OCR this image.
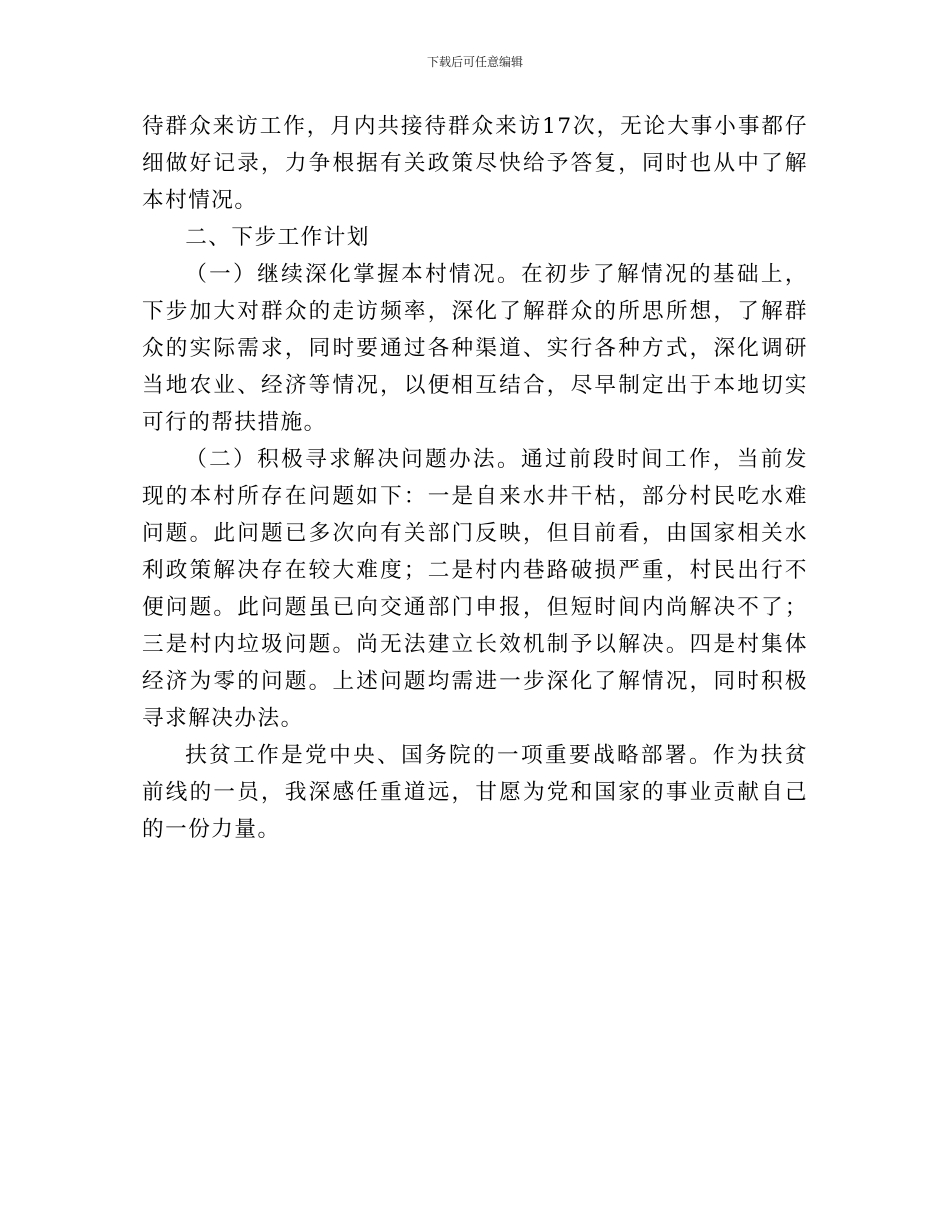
下载后可任意编辑

待群众来访工作，月内共接待群众来访17次，无论大事小事都仔细做好记录，力争根据有关政策尽快给予答复，同时也从中了解本村情况。

二、下步工作计划

（一）继续深化掌握本村情况。在初步了解情况的基础上，下步加大对群众的走访频率，深化了解群众的所思所想，了解群众的实际需求，同时要通过各种渠道、实行各种方式，深化调研当地农业、经济等情况，以便相互结合，尽早制定出于本地切实可行的帮扶措施。

（二）积极寻求解决问题办法。通过前段时间工作，当前发现的本村所存在问题如下：一是自来水井干枯，部分村民吃水难问题。此问题已多次向有关部门反映，但目前看，由国家相关水利政策解决存在较大难度；二是村内巷路破损严重，村民出行不便问题。此问题虽已向交通部门申报，但短时间内尚解决不了；三是村内垃圾问题。尚无法建立长效机制予以解决。四是村集体经济为零的问题。上述问题均需进一步深化了解情况，同时积极寻求解决办法。

扶贫工作是党中央、国务院的一项重要战略部署。作为扶贫前线的一员，我深感任重道远，甘愿为党和国家的事业贡献自己的一份力量。
